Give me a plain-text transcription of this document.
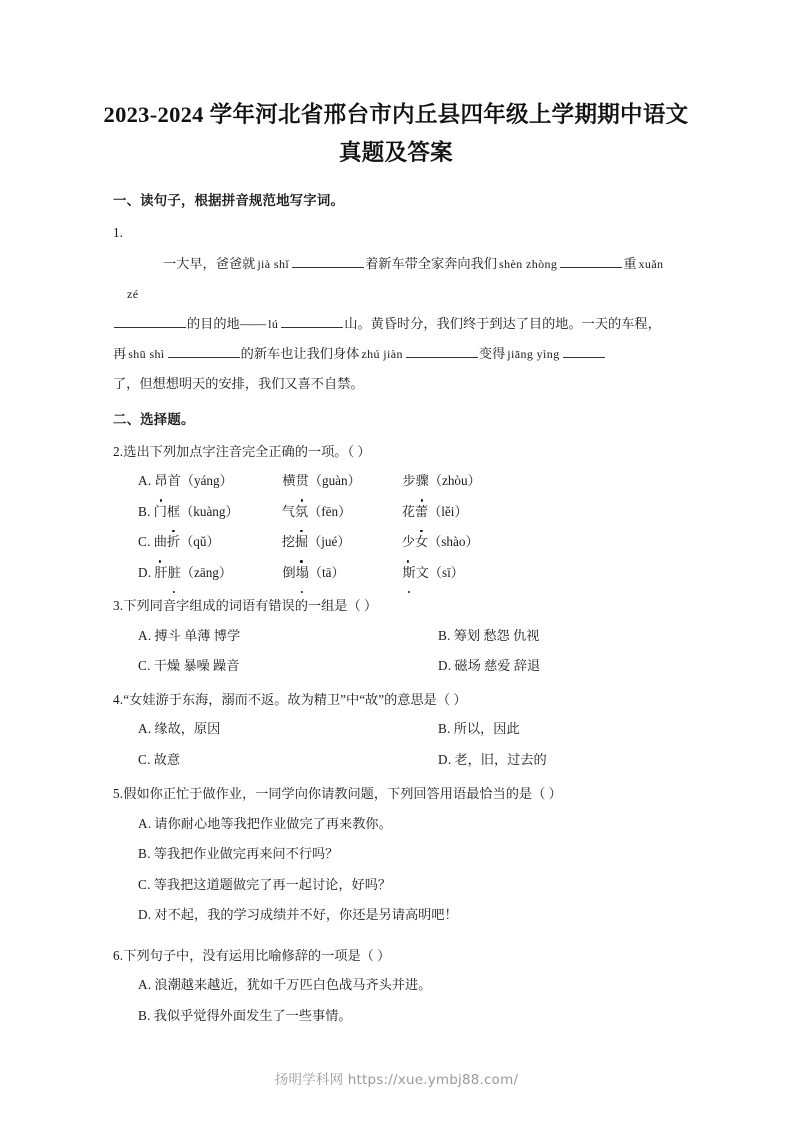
2023-2024 学年河北省邢台市内丘县四年级上学期期中语文
真题及答案
一、读句子，根据拼音规范地写字词。
1.
一大早，爸爸就 jià shǐ	着新车带全家奔向我们 shèn zhòng	重 xuǎn
zé
的目的地—— lú	山。黄昏时分，我们终于到达了目的地。一天的车程，
再 shū shì	的新车也让我们身体 zhú jiàn	变得 jiāng yìng
了，但想想明天的安排，我们又喜不自禁。
二、选择题。
2.选出下列加点字注音完全正确的一项。（ ）
A. 昂首（yáng）	横贯（guàn）	步骤（zhòu）
B. 门框（kuàng）	气氛（fēn）	花蕾（lěi）
C. 曲折（qǔ）	挖掘（jué）	少女（shào）
D. 肝脏（zāng）	倒塌（tā）	斯文（sī）
3.下列同音字组成的词语有错误的一组是（ ）
A. 搏斗 单薄 博学	B. 筹划 愁怨 仇视
C. 干燥 暴噪 躁音	D. 磁场 慈爱 辞退
4.“女娃游于东海，溺而不返。故为精卫”中“故”的意思是（ ）
A. 缘故，原因	B. 所以，因此
C. 故意	D. 老，旧，过去的
5.假如你正忙于做作业，一同学向你请教问题，下列回答用语最恰当的是（ ）
A. 请你耐心地等我把作业做完了再来教你。
B. 等我把作业做完再来问不行吗？
C. 等我把这道题做完了再一起讨论，好吗？
D. 对不起，我的学习成绩并不好，你还是另请高明吧！
6.下列句子中，没有运用比喻修辞的一项是（ ）
A. 浪潮越来越近，犹如千万匹白色战马齐头并进。
B. 我似乎觉得外面发生了一些事情。
扬明学科网 https://xue.ymbj88.com/
